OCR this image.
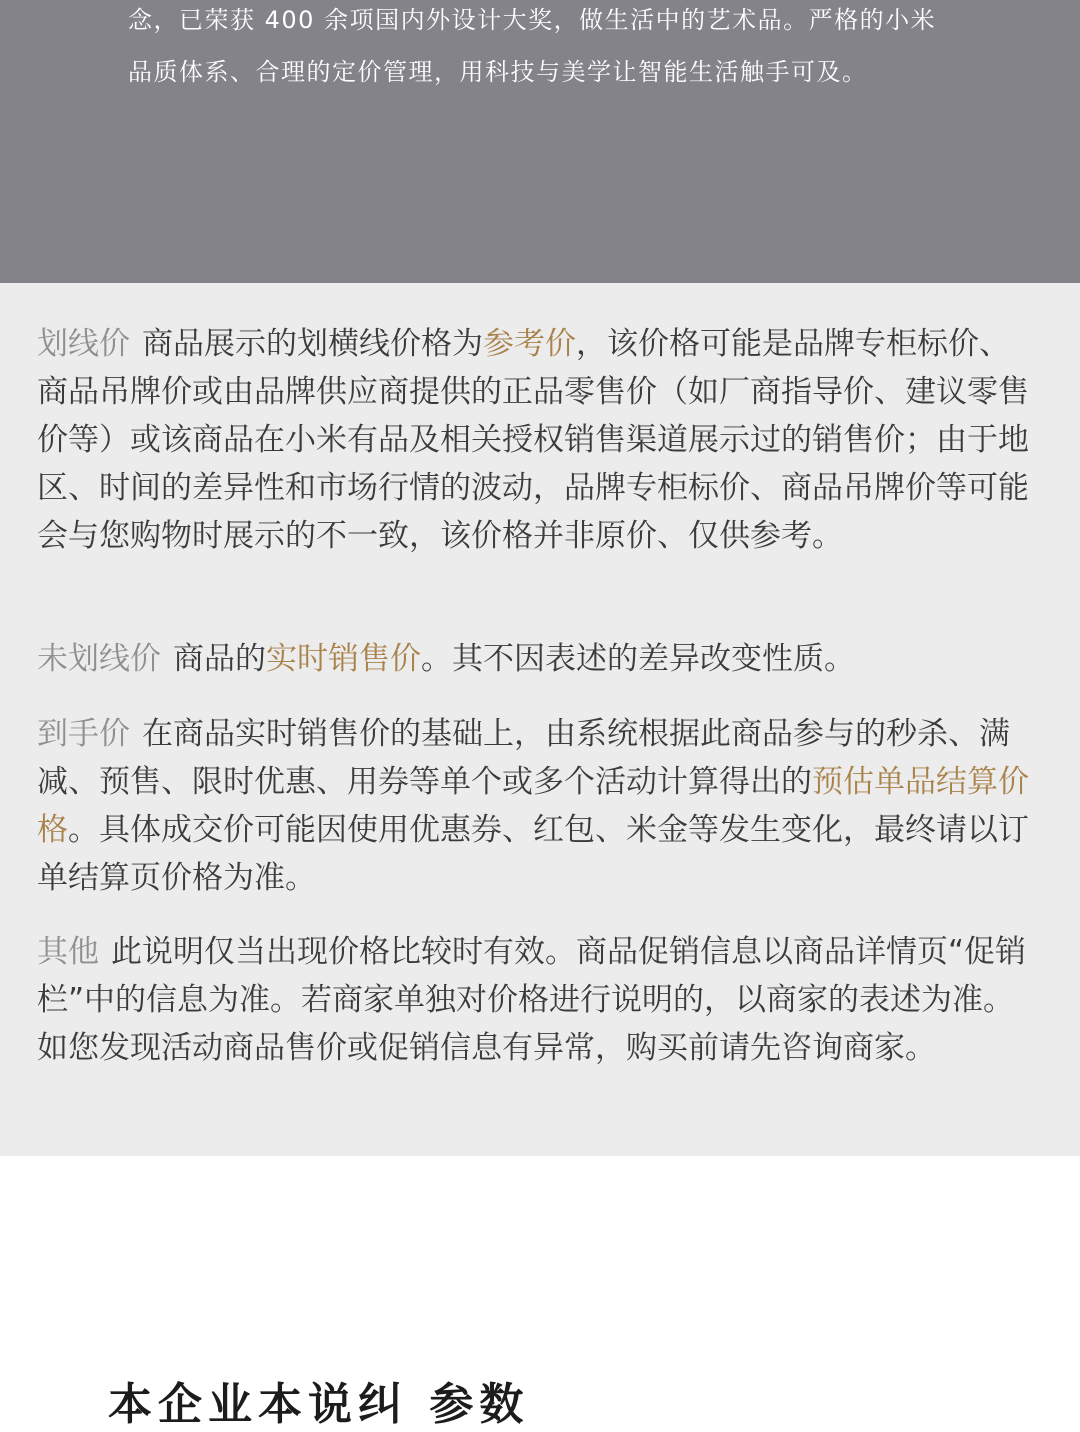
念，已荣获 400 余项国内外设计大奖，做生活中的艺术品。严格的小米
品质体系、合理的定价管理，用科技与美学让智能生活触手可及。

划线价 商品展示的划横线价格为参考价，该价格可能是品牌专柜标价、商品吊牌价或由品牌供应商提供的正品零售价（如厂商指导价、建议零售价等）或该商品在小米有品及相关授权销售渠道展示过的销售价；由于地区、时间的差异性和市场行情的波动，品牌专柜标价、商品吊牌价等可能会与您购物时展示的不一致，该价格并非原价、仅供参考。

未划线价 商品的实时销售价。其不因表述的差异改变性质。

到手价 在商品实时销售价的基础上，由系统根据此商品参与的秒杀、满减、预售、限时优惠、用券等单个或多个活动计算得出的预估单品结算价格。具体成交价可能因使用优惠券、红包、米金等发生变化，最终请以订单结算页价格为准。

其他 此说明仅当出现价格比较时有效。商品促销信息以商品详情页“促销栏”中的信息为准。若商家单独对价格进行说明的，以商家的表述为准。如您发现活动商品售价或促销信息有异常，购买前请先咨询商家。

本企业本说纠 参数
